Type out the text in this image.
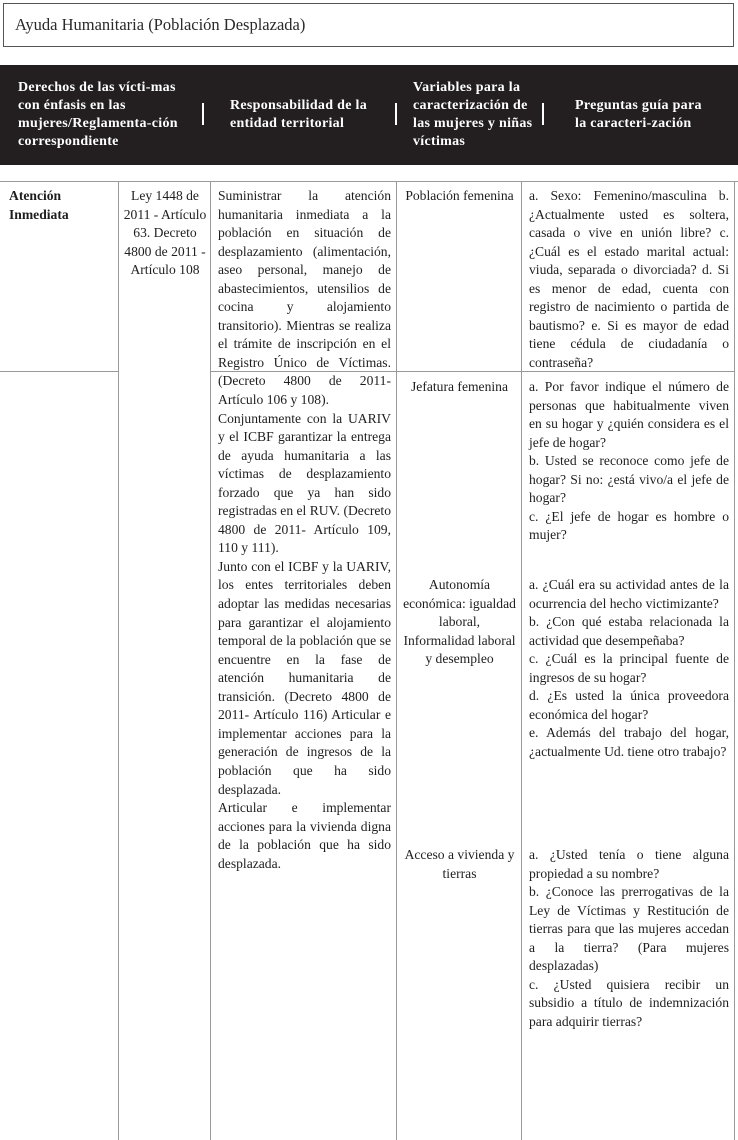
Ayuda Humanitaria (Población Desplazada)
Derechos de las vícti-mas con énfasis en las mujeres/Reglamenta-ción correspondiente
Responsabilidad de la entidad territorial
Variables para la caracterización de las mujeres y niñas víctimas
Preguntas guía para la caracteri-zación
Atención Inmediata
Ley 1448 de 2011 - Artículo 63. Decreto 4800 de 2011 - Artículo 108
Suministrar la atención humanitaria inmediata a la población en situación de desplazamiento (alimentación, aseo personal, manejo de abastecimientos, utensilios de cocina y alojamiento transitorio). Mientras se realiza el trámite de inscripción en el Registro Único de Víctimas. (Decreto 4800 de 2011- Artículo 106 y 108).
Conjuntamente con la UARIV y el ICBF garantizar la entrega de ayuda humanitaria a las víctimas de desplazamiento forzado que ya han sido registradas en el RUV. (Decreto 4800 de 2011- Artículo 109, 110 y 111).
Junto con el ICBF y la UARIV, los entes territoriales deben adoptar las medidas necesarias para garantizar el alojamiento temporal de la población que se encuentre en la fase de atención humanitaria de transición. (Decreto 4800 de 2011- Artículo 116) Articular e implementar acciones para la generación de ingresos de la población que ha sido desplazada.
Articular e implementar acciones para la vivienda digna de la población que ha sido desplazada.
Población femenina a. Sexo: Femenino/masculina b. ¿Actualmente usted es soltera, casada o vive en unión libre? c. ¿Cuál es el estado marital actual: viuda, separada o divorciada? d. Si es menor de edad, cuenta con registro de nacimiento o partida de bautismo? e. Si es mayor de edad tiene cédula de ciudadanía o contraseña?
Jefatura femenina	a. Por favor indique el número de personas que habitualmente viven en su hogar y ¿quién considera es el jefe de hogar?
b. Usted se reconoce como jefe de hogar? Si no: ¿está vivo/a el jefe de hogar?
c. ¿El jefe de hogar es hombre o mujer?
Autonomía económica: igualdad laboral, Informalidad laboral y desempleo
a. ¿Cuál era su actividad antes de la ocurrencia del hecho victimizante?
b. ¿Con qué estaba relacionada la actividad que desempeñaba?
c. ¿Cuál es la principal fuente de ingresos de su hogar?
d. ¿Es usted la única proveedora económica del hogar?
e. Además del trabajo del hogar, ¿actualmente Ud. tiene otro trabajo?
Acceso a vivienda y tierras
a. ¿Usted tenía o tiene alguna propiedad a su nombre?
b. ¿Conoce las prerrogativas de la Ley de Víctimas y Restitución de tierras para que las mujeres accedan a la tierra? (Para mujeres desplazadas)
c. ¿Usted quisiera recibir un subsidio a título de indemnización para adquirir tierras?
